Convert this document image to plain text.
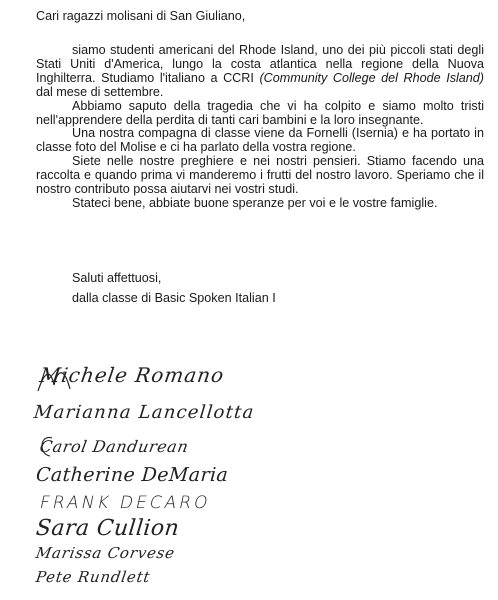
Cari ragazzi molisani di San Giuliano,

siamo studenti americani del Rhode Island, uno dei più piccoli stati degli Stati Uniti d'America, lungo la costa atlantica nella regione della Nuova Inghilterra. Studiamo l'italiano a CCRI (Community College del Rhode Island) dal mese di settembre.

Abbiamo saputo della tragedia che vi ha colpito e siamo molto tristi nell'apprendere della perdita di tanti cari bambini e la loro insegnante.

Una nostra compagna di classe viene da Fornelli (Isernia) e ha portato in classe foto del Molise e ci ha parlato della vostra regione.

Siete nelle nostre preghiere e nei nostri pensieri. Stiamo facendo una raccolta e quando prima vi manderemo i frutti del nostro lavoro. Speriamo che il nostro contributo possa aiutarvi nei vostri studi.

Stateci bene, abbiate buone speranze per voi e le vostre famiglie.

Saluti affettuosi,
dalla classe di Basic Spoken Italian I
Michele Romano
Marianna Lancellotta
Carol Dandurean
Catherine DeMaria
FRANK DECARO
Sara Cullion
Marissa Corvese
Pete Rundlett
